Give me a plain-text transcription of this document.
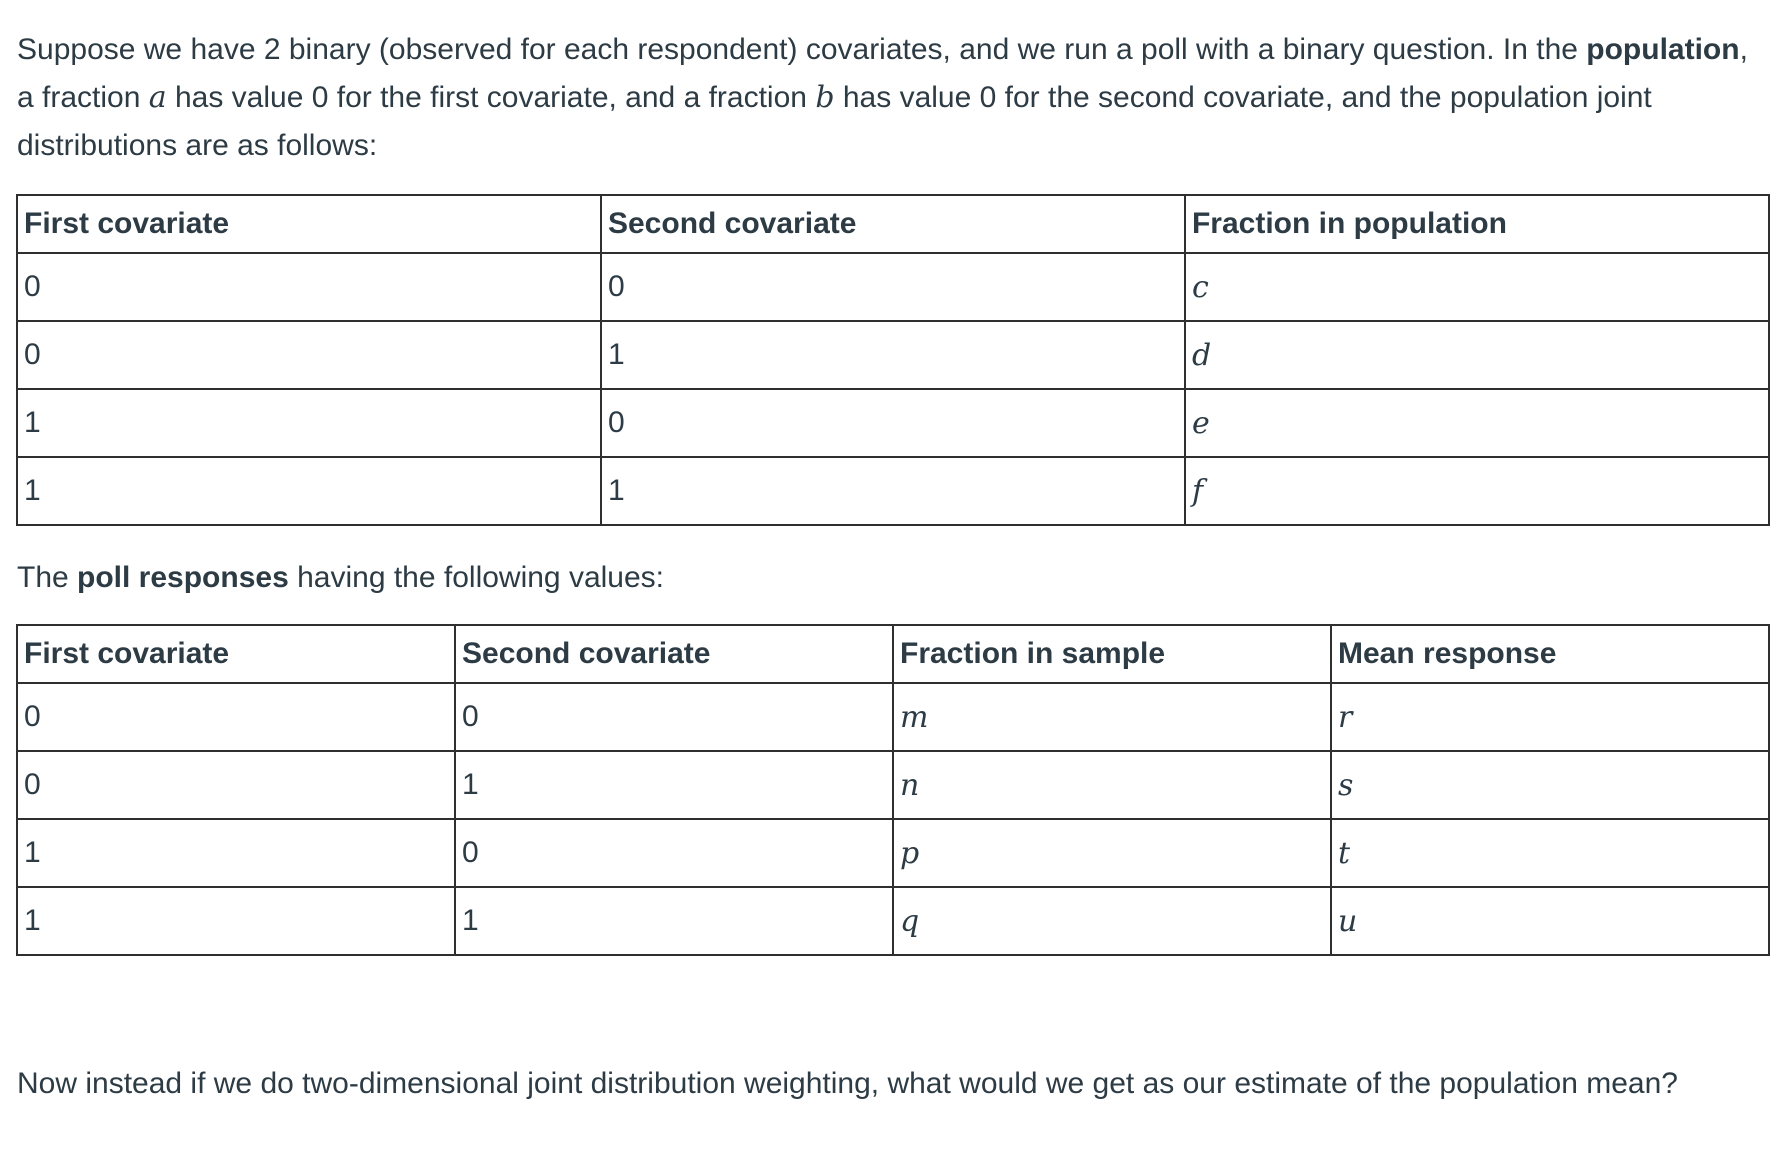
Suppose we have 2 binary (observed for each respondent) covariates, and we run a poll with a binary question. In the population, a fraction a has value 0 for the first covariate, and a fraction b has value 0 for the second covariate, and the population joint distributions are as follows:

First covariate	Second covariate	Fraction in population
0	0	c
0	1	d
1	0	e
1	1	f

The poll responses having the following values:

First covariate	Second covariate	Fraction in sample	Mean response
0	0	m	r
0	1	n	s
1	0	p	t
1	1	q	u

Now instead if we do two-dimensional joint distribution weighting, what would we get as our estimate of the population mean?
